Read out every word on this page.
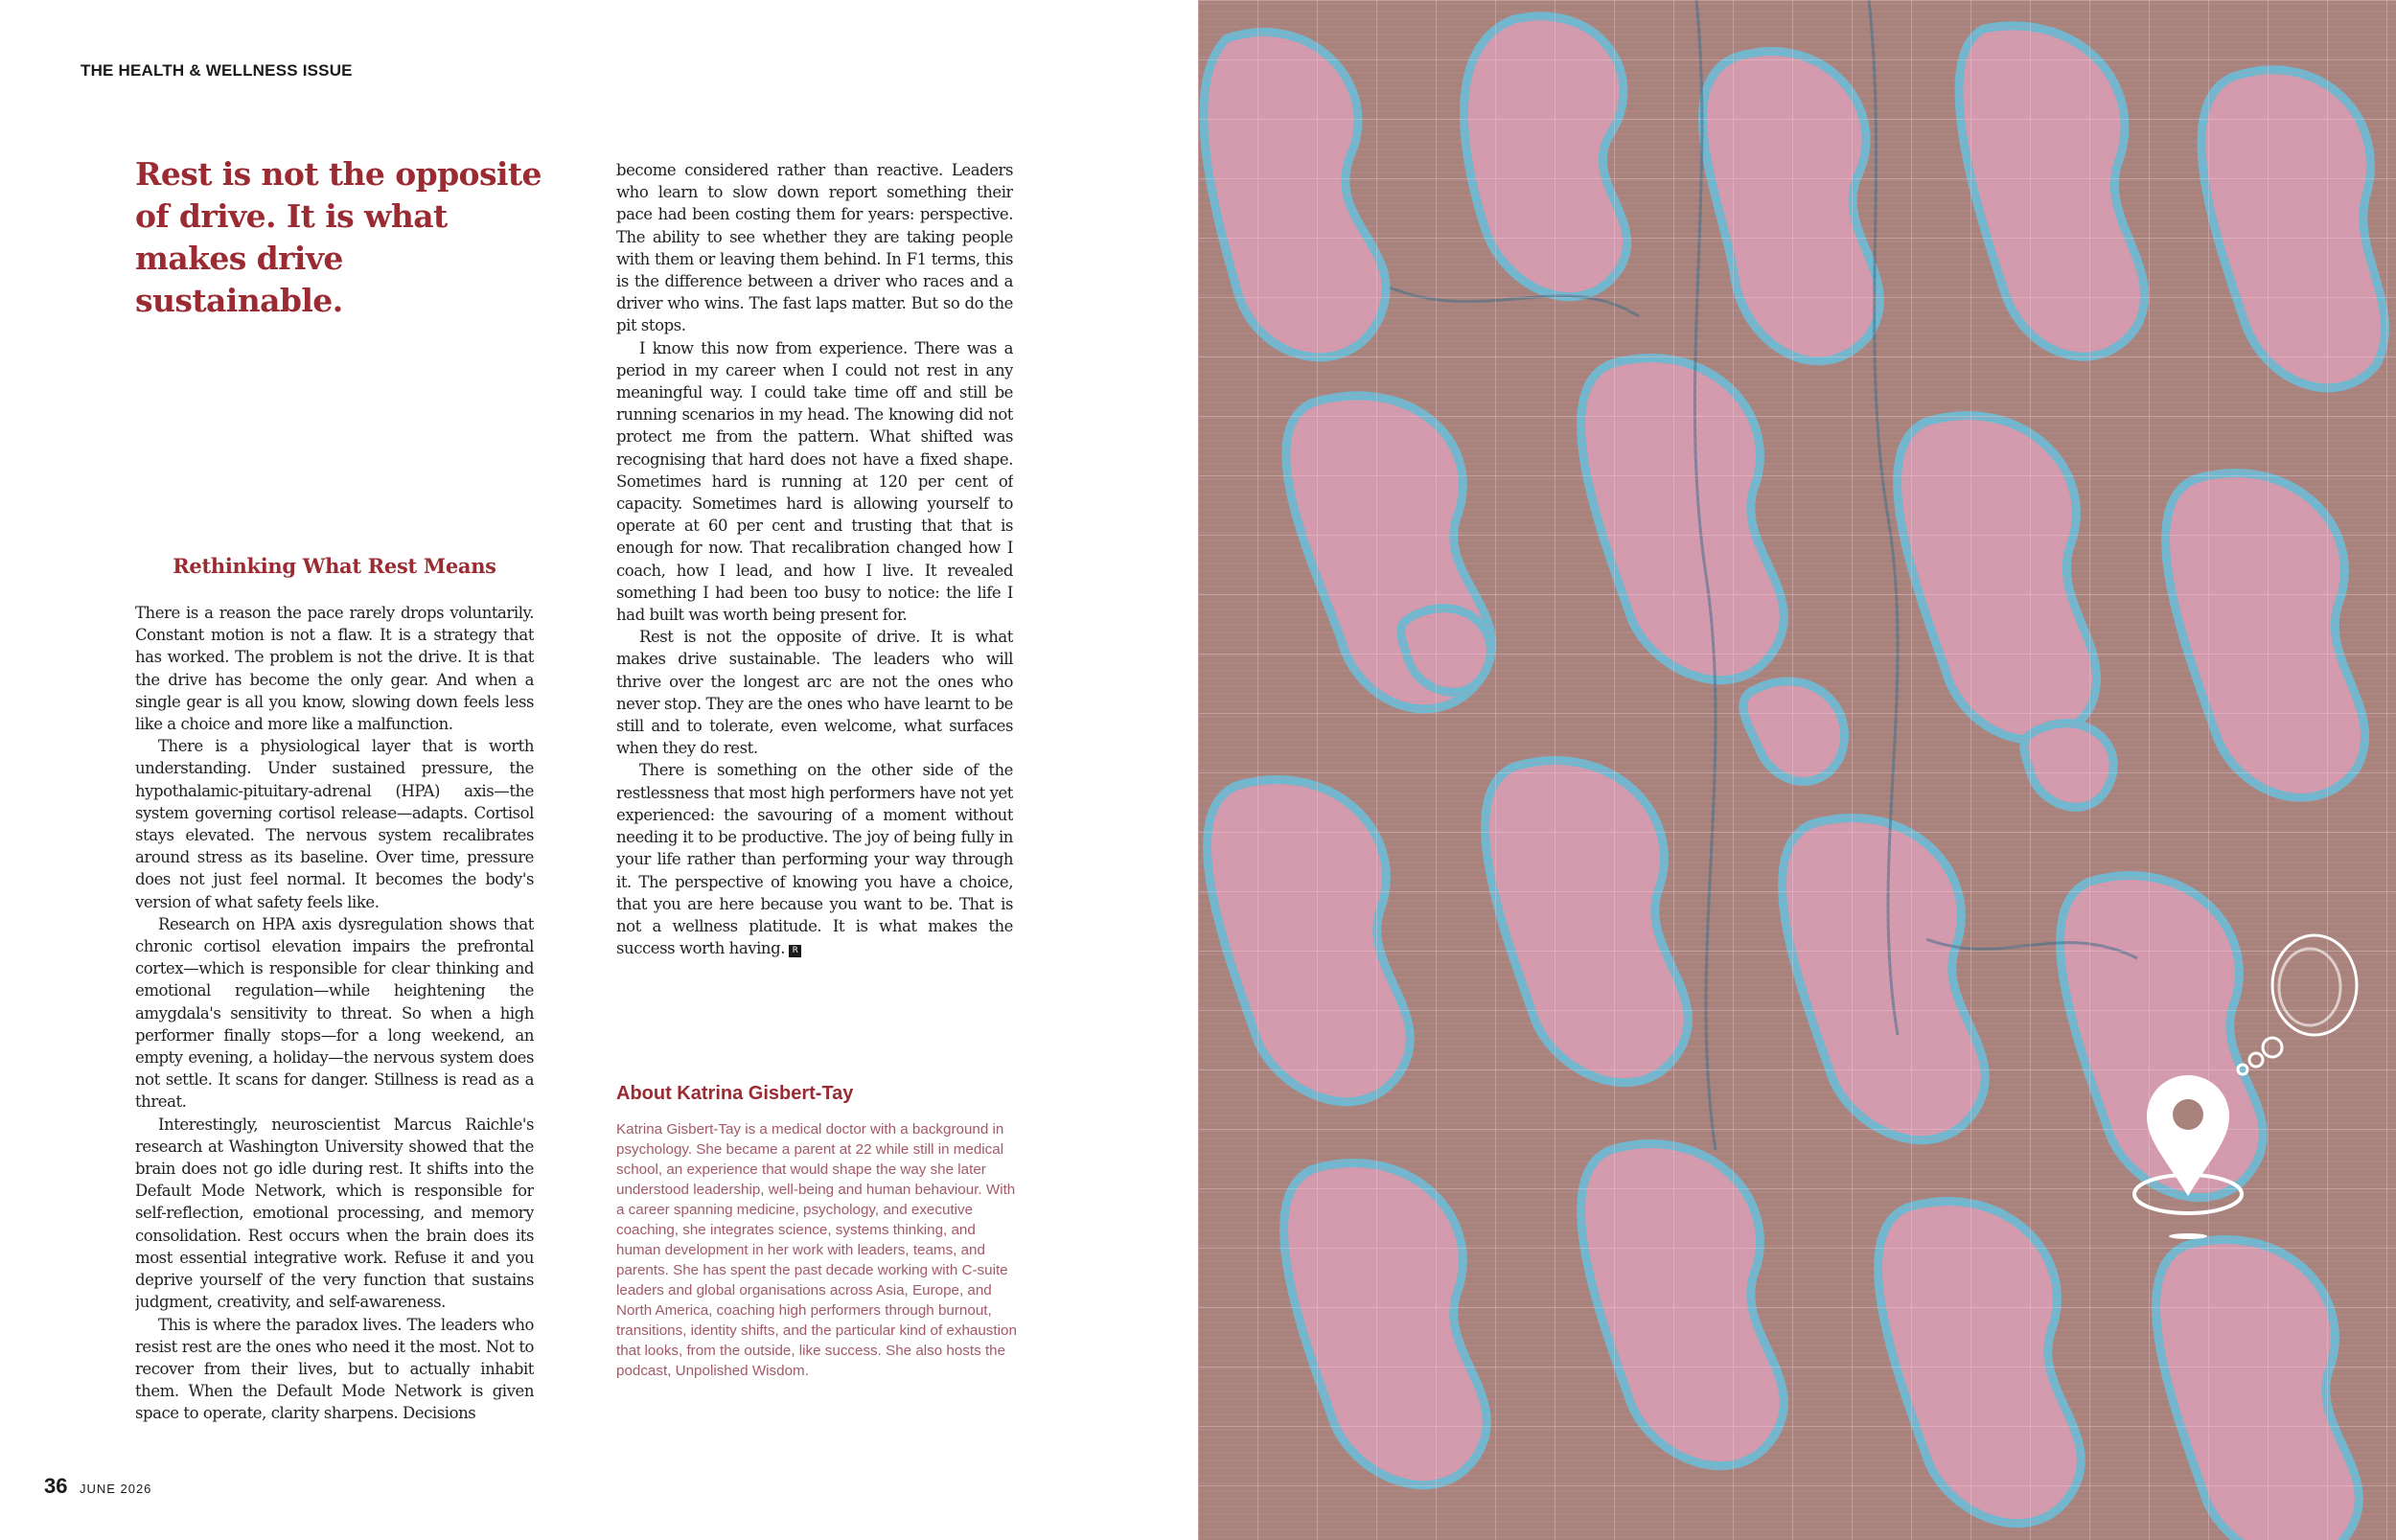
THE HEALTH & WELLNESS ISSUE
Rest is not the opposite of drive. It is what makes drive sustainable.
Rethinking What Rest Means

There is a reason the pace rarely drops voluntarily. Constant motion is not a flaw. It is a strategy that has worked. The problem is not the drive. It is that the drive has become the only gear. And when a single gear is all you know, slowing down feels less like a choice and more like a malfunction.

There is a physiological layer that is worth understanding. Under sustained pressure, the hypothalamic-pituitary-adrenal (HPA) axis—the system governing cortisol release—adapts. Cortisol stays elevated. The nervous system recalibrates around stress as its baseline. Over time, pressure does not just feel normal. It becomes the body's version of what safety feels like.

Research on HPA axis dysregulation shows that chronic cortisol elevation impairs the prefrontal cortex—which is responsible for clear thinking and emotional regulation—while heightening the amygdala's sensitivity to threat. So when a high performer finally stops—for a long weekend, an empty evening, a holiday—the nervous system does not settle. It scans for danger. Stillness is read as a threat.

Interestingly, neuroscientist Marcus Raichle's research at Washington University showed that the brain does not go idle during rest. It shifts into the Default Mode Network, which is responsible for self-reflection, emotional processing, and memory consolidation. Rest occurs when the brain does its most essential integrative work. Refuse it and you deprive yourself of the very function that sustains judgment, creativity, and self-awareness.

This is where the paradox lives. The leaders who resist rest are the ones who need it the most. Not to recover from their lives, but to actually inhabit them. When the Default Mode Network is given space to operate, clarity sharpens. Decisions

become considered rather than reactive. Leaders who learn to slow down report something their pace had been costing them for years: perspective. The ability to see whether they are taking people with them or leaving them behind. In F1 terms, this is the difference between a driver who races and a driver who wins. The fast laps matter. But so do the pit stops.

I know this now from experience. There was a period in my career when I could not rest in any meaningful way. I could take time off and still be running scenarios in my head. The knowing did not protect me from the pattern. What shifted was recognising that hard does not have a fixed shape. Sometimes hard is running at 120 per cent of capacity. Sometimes hard is allowing yourself to operate at 60 per cent and trusting that that is enough for now. That recalibration changed how I coach, how I lead, and how I live. It revealed something I had been too busy to notice: the life I had built was worth being present for.

Rest is not the opposite of drive. It is what makes drive sustainable. The leaders who will thrive over the longest arc are not the ones who never stop. They are the ones who have learnt to be still and to tolerate, even welcome, what surfaces when they do rest.

There is something on the other side of the restlessness that most high performers have not yet experienced: the savouring of a moment without needing it to be productive. The joy of being fully in your life rather than performing your way through it. The perspective of knowing you have a choice, that you are here because you want to be. That is not a wellness platitude. It is what makes the success worth having. R

About Katrina Gisbert-Tay
Katrina Gisbert-Tay is a medical doctor with a background in psychology. She became a parent at 22 while still in medical school, an experience that would shape the way she later understood leadership, well-being and human behaviour. With a career spanning medicine, psychology, and executive coaching, she integrates science, systems thinking, and human development in her work with leaders, teams, and parents. She has spent the past decade working with C-suite leaders and global organisations across Asia, Europe, and North America, coaching high performers through burnout, transitions, identity shifts, and the particular kind of exhaustion that looks, from the outside, like success. She also hosts the podcast, Unpolished Wisdom.
36 JUNE 2026
